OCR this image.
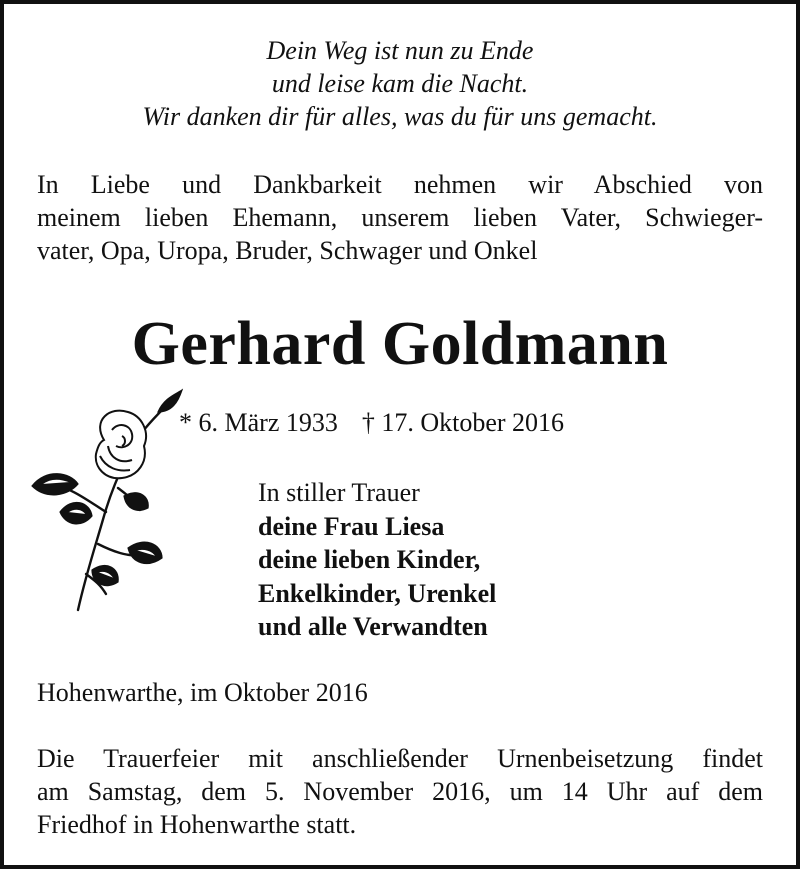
Dein Weg ist nun zu Ende
und leise kam die Nacht.
Wir danken dir für alles, was du für uns gemacht.
In Liebe und Dankbarkeit nehmen wir Abschied von
meinem lieben Ehemann, unserem lieben Vater, Schwieger-
vater, Opa, Uropa, Bruder, Schwager und Onkel
Gerhard Goldmann
* 6. März 1933 † 17. Oktober 2016
In stiller Trauer
deine Frau Liesa
deine lieben Kinder,
Enkelkinder, Urenkel
und alle Verwandten
Hohenwarthe, im Oktober 2016
Die Trauerfeier mit anschließender Urnenbeisetzung findet
am Samstag, dem 5. November 2016, um 14 Uhr auf dem
Friedhof in Hohenwarthe statt.
